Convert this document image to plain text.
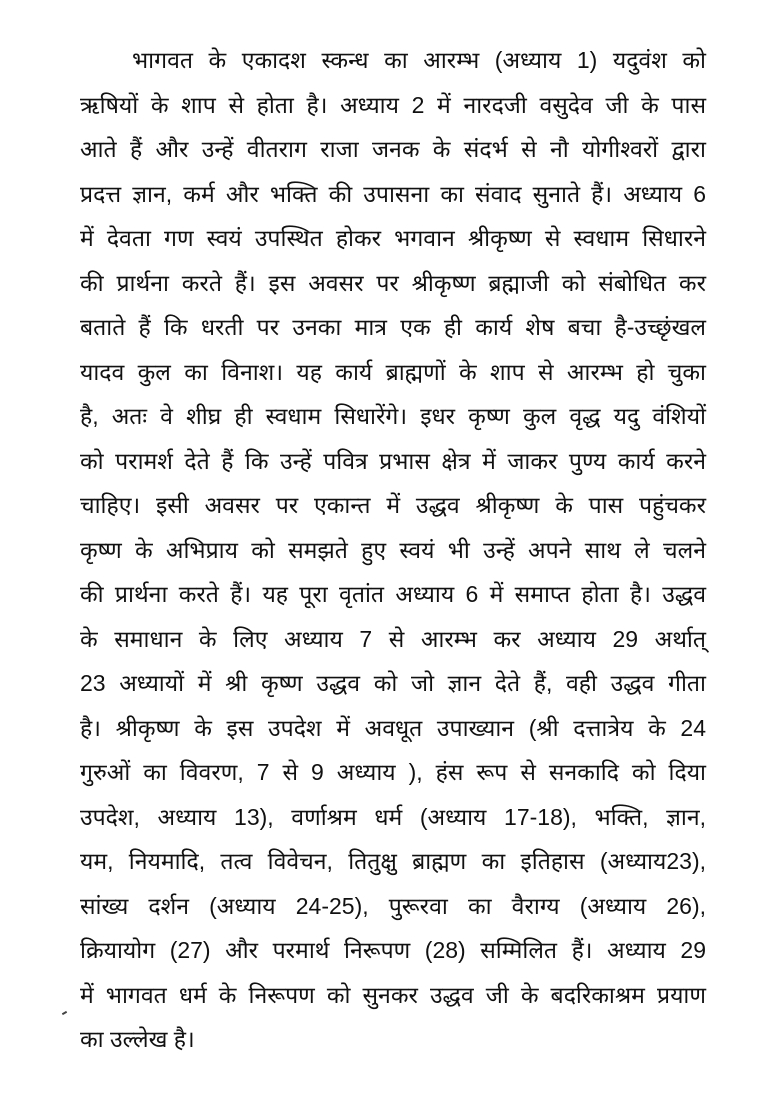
भागवत के एकादश स्कन्ध का आरम्भ (अध्याय 1) यदुवंश को
ऋषियों के शाप से होता है। अध्याय 2 में नारदजी वसुदेव जी के पास
आते हैं और उन्हें वीतराग राजा जनक के संदर्भ से नौ योगीश्वरों द्वारा
प्रदत्त ज्ञान, कर्म और भक्ति की उपासना का संवाद सुनाते हैं। अध्याय 6
में देवता गण स्वयं उपस्थित होकर भगवान श्रीकृष्ण से स्वधाम सिधारने
की प्रार्थना करते हैं। इस अवसर पर श्रीकृष्ण ब्रह्माजी को संबोधित कर
बताते हैं कि धरती पर उनका मात्र एक ही कार्य शेष बचा है-उच्छृंखल
यादव कुल का विनाश। यह कार्य ब्राह्मणों के शाप से आरम्भ हो चुका
है, अतः वे शीघ्र ही स्वधाम सिधारेंगे। इधर कृष्ण कुल वृद्ध यदु वंशियों
को परामर्श देते हैं कि उन्हें पवित्र प्रभास क्षेत्र में जाकर पुण्य कार्य करने
चाहिए। इसी अवसर पर एकान्त में उद्धव श्रीकृष्ण के पास पहुंचकर
कृष्ण के अभिप्राय को समझते हुए स्वयं भी उन्हें अपने साथ ले चलने
की प्रार्थना करते हैं। यह पूरा वृतांत अध्याय 6 में समाप्त होता है। उद्धव
के समाधान के लिए अध्याय 7 से आरम्भ कर अध्याय 29 अर्थात्
23 अध्यायों में श्री कृष्ण उद्धव को जो ज्ञान देते हैं, वही उद्धव गीता
है। श्रीकृष्ण के इस उपदेश में अवधूत उपाख्यान (श्री दत्तात्रेय के 24
गुरुओं का विवरण, 7 से 9 अध्याय ), हंस रूप से सनकादि को दिया
उपदेश, अध्याय 13), वर्णाश्रम धर्म (अध्याय 17-18), भक्ति, ज्ञान,
यम, नियमादि, तत्व विवेचन, तितुक्षु ब्राह्मण का इतिहास (अध्याय23),
सांख्य दर्शन (अध्याय 24-25), पुरूरवा का वैराग्य (अध्याय 26),
क्रियायोग (27) और परमार्थ निरूपण (28) सम्मिलित हैं। अध्याय 29
में भागवत धर्म के निरूपण को सुनकर उद्धव जी के बदरिकाश्रम प्रयाण
का उल्लेख है।
